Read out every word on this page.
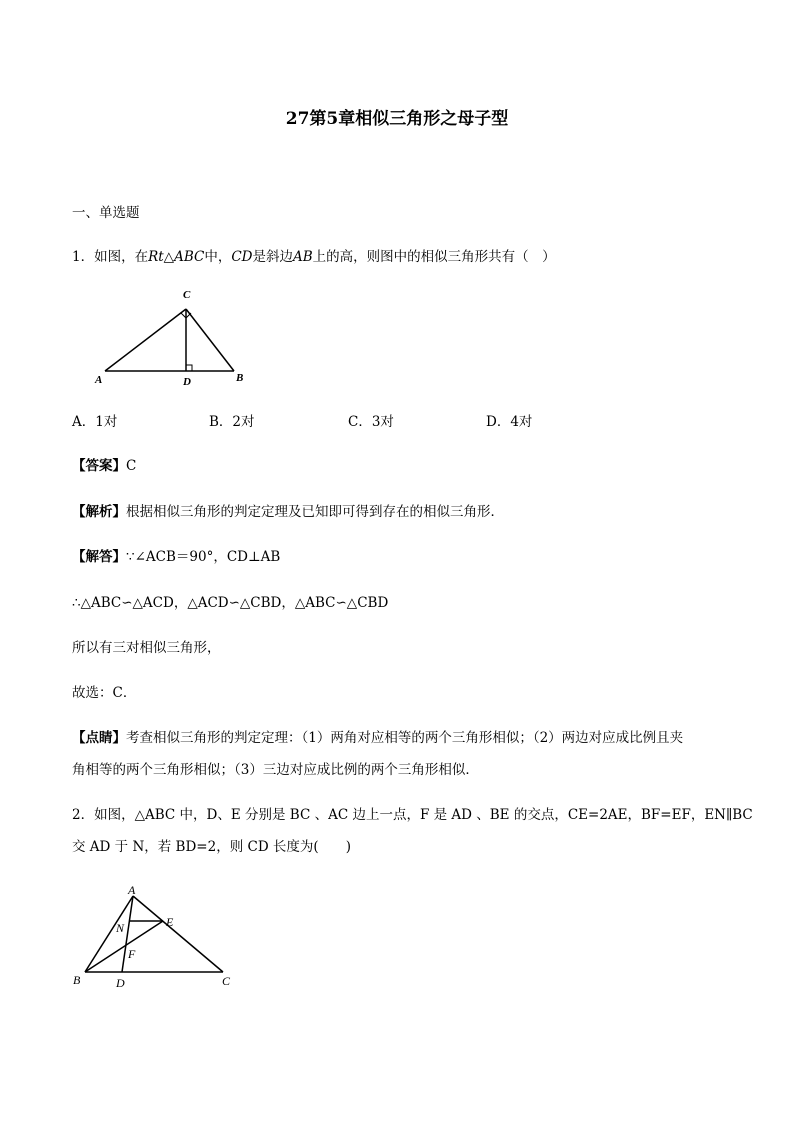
27第5章相似三角形之母子型
一、单选题
1．如图，在Rt△ABC中，CD是斜边AB上的高，则图中的相似三角形共有（　）
C
A	D	B
A．1对	B．2对	C．3对	D．4对
【答案】C
【解析】根据相似三角形的判定定理及已知即可得到存在的相似三角形．
【解答】∵∠ACB＝90°，CD⊥AB
∴△ABC∽△ACD，△ACD∽△CBD，△ABC∽△CBD
所以有三对相似三角形，
故选：C．
【点睛】考查相似三角形的判定定理：（1）两角对应相等的两个三角形相似；（2）两边对应成比例且夹
角相等的两个三角形相似；（3）三边对应成比例的两个三角形相似．
2．如图，△ABC 中，D、E 分别是 BC 、AC 边上一点，F 是 AD 、BE 的交点，CE=2AE，BF=EF，EN∥BC
交 AD 于 N，若 BD=2，则 CD 长度为(　　)
A
N	E
F
B	D	C
